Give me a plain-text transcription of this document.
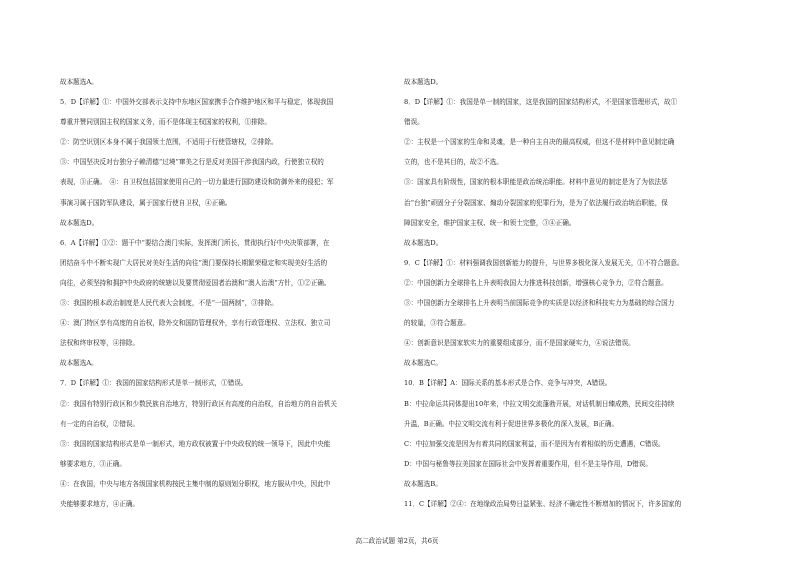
故本题选A。
5．D【详解】①：中国外交部表示支持中东地区国家携手合作维护地区和平与稳定，体现我国
尊重并赞同别国主权的国家义务，而不是体现主权国家的权利，①排除。
②：防空识别区本身不属于我国领土范围，不适用于行使管辖权，②排除。
③：中国坚决反对台独分子赖清德“过境”窜美之行是反对美国干涉我国内政，行使独立权的
表现，③正确。　④：自卫权包括国家使用自己的一切力量进行国防建设和防御外来的侵犯；军
事演习属于国防军队建设，属于国家行使自卫权，④正确。
故本题选D。
6．A【详解】①②：题干中“要结合澳门实际，发挥澳门所长，贯彻执行好中央决策部署，在
团结奋斗中不断实现广大居民对美好生活的向往”澳门要保持长期繁荣稳定和实现美好生活的
向往，必须坚持和拥护中央政府的统辖以及要贯彻爱国者治澳和“澳人治澳”方针，①②正确。
③：我国的根本政治制度是人民代表大会制度，不是“一国两制”，③排除。
④：澳门特区享有高度的自治权，除外交和国防管理权外，享有行政管理权、立法权、独立司
法权和终审权等，④排除。
故本题选A。
7．D【详解】①：我国的国家结构形式是单一制形式，①错误。
②：我国有特别行政区和少数民族自治地方，特别行政区有高度的自治权，自治地方的自治机关
有一定的自治权，②错误。
③：我国的国家结构形式是单一制形式，地方政权被置于中央政权的统一领导下，因此中央能
够要求地方，③正确。
④：在我国，中央与地方各级国家机构按民主集中制的原则划分职权，地方服从中央，因此中
央能够要求地方，④正确。
故本题选D。
8．D【详解】①：我国是单一制的国家，这是我国的国家结构形式，不是国家管理形式，故①
错误。
②：主权是一个国家的生命和灵魂，是一种自主自决的最高权威，但这不是材料中意见制定确
立的，也不是其目的，故②不选。
③：国家具有阶级性，国家的根本职能是政治统治职能。材料中意见的制定是为了为依法惩
治“台独”顽固分子分裂国家、煽动分裂国家的犯罪行为，是为了依法履行政治统治职能，保
障国家安全，维护国家主权、统一和领土完整，③④正确。
故本题选D。
9．C【详解】①：材料强调我国创新能力的提升，与世界多极化深入发展无关，①不符合题意。
②：中国创新力全球排名上升表明我国大力推进科技创新，增强核心竞争力，②符合题意。
③：中国创新力全球排名上升表明当前国际竞争的实质是以经济和科技实力为基础的综合国力
的较量，③符合题意。
④：创新意识是国家软实力的重要组成部分，而不是国家硬实力，④说法错误。
故本题选C。
10．B【详解】A：国际关系的基本形式是合作、竞争与冲突，A错误。
B：中拉命运共同体提出10年来，中拉文明交流蓬勃开展，对话机制日臻成熟，民间交往持续
升温，B正确。中拉文明交流有利于促进世界多极化的深入发展，B正确。
C：中拉加强交流是因为有着共同的国家利益，而不是因为有着相似的历史遭遇，C错误。
D：中国与秘鲁等拉美国家在国际社会中发挥着重要作用，但不是主导作用，D错误。
故本题选B。
11．C【详解】②④：在地缘政治局势日益紧张、经济不确定性不断增加的情况下，许多国家的
高二政治试题 第2页，共6页
